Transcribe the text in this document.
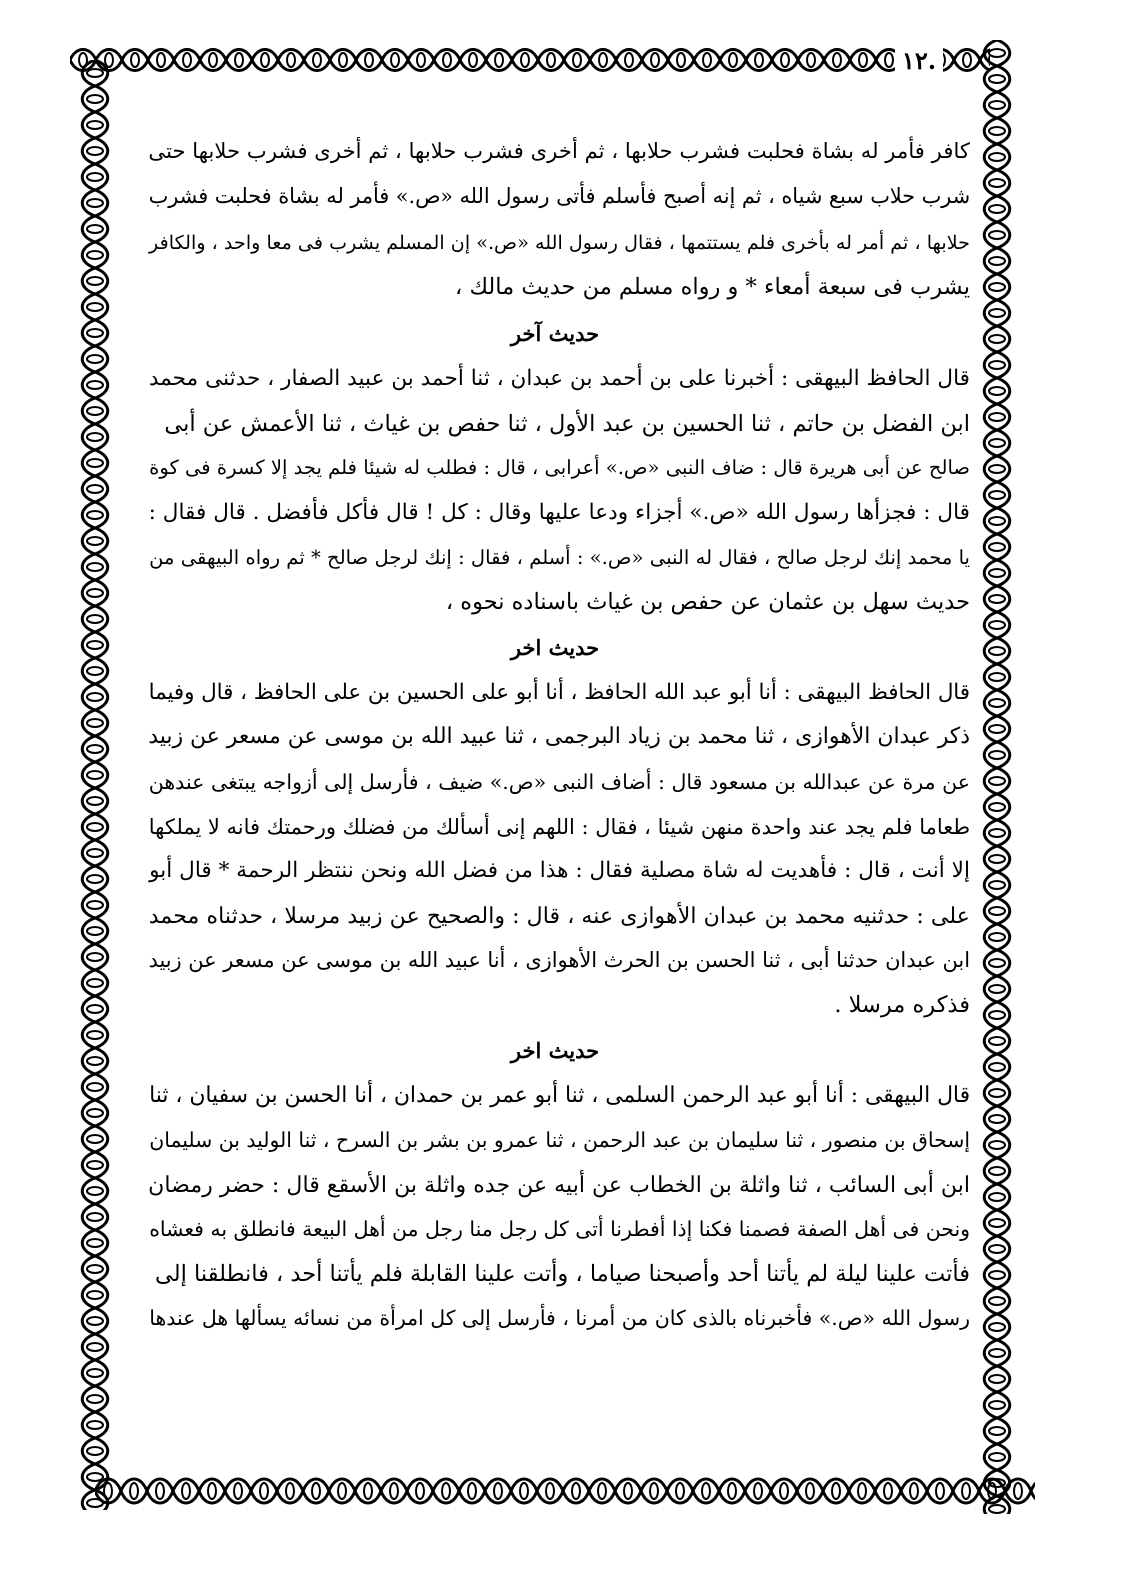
١٢.

كافر فأمر له بشاة فحلبت فشرب حلابها ، ثم أخرى فشرب حلابها ، ثم أخرى فشرب حلابها حتى
شرب حلاب سبع شياه ، ثم إنه أصبح فأسلم فأتى رسول الله «ص.» فأمر له بشاة فحلبت فشرب
حلابها ، ثم أمر له بأخرى فلم يستتمها ، فقال رسول الله «ص.» إن المسلم يشرب فى معا واحد ، والكافر
يشرب فى سبعة أمعاء * و رواه مسلم من حديث مالك ،

حديث آخر

قال الحافظ البيهقى : أخبرنا على بن أحمد بن عبدان ، ثنا أحمد بن عبيد الصفار ، حدثنى محمد
ابن الفضل بن حاتم ، ثنا الحسين بن عبد الأول ، ثنا حفص بن غياث ، ثنا الأعمش عن أبى
صالح عن أبى هريرة قال : ضاف النبى «ص.» أعرابى ، قال : فطلب له شيئا فلم يجد إلا كسرة فى كوة
قال : فجزأها رسول الله «ص.» أجزاء ودعا عليها وقال : كل ! قال فأكل فأفضل . قال فقال :
يا محمد إنك لرجل صالح ، فقال له النبى «ص.» : أسلم ، فقال : إنك لرجل صالح * ثم رواه البيهقى من
حديث سهل بن عثمان عن حفص بن غياث باسناده نحوه ،

حديث اخر

قال الحافظ البيهقى : أنا أبو عبد الله الحافظ ، أنا أبو على الحسين بن على الحافظ ، قال وفيما
ذكر عبدان الأهوازى ، ثنا محمد بن زياد البرجمى ، ثنا عبيد الله بن موسى عن مسعر عن زبيد
عن مرة عن عبدالله بن مسعود قال : أضاف النبى «ص.» ضيف ، فأرسل إلى أزواجه يبتغى عندهن
طعاما فلم يجد عند واحدة منهن شيئا ، فقال : اللهم إنى أسألك من فضلك ورحمتك فانه لا يملكها
إلا أنت ، قال : فأهديت له شاة مصلية فقال : هذا من فضل الله ونحن ننتظر الرحمة * قال أبو
على : حدثنيه محمد بن عبدان الأهوازى عنه ، قال : والصحيح عن زبيد مرسلا ، حدثناه محمد
ابن عبدان حدثنا أبى ، ثنا الحسن بن الحرث الأهوازى ، أنا عبيد الله بن موسى عن مسعر عن زبيد
فذكره مرسلا .

حديث اخر

قال البيهقى : أنا أبو عبد الرحمن السلمى ، ثنا أبو عمر بن حمدان ، أنا الحسن بن سفيان ، ثنا
إسحاق بن منصور ، ثنا سليمان بن عبد الرحمن ، ثنا عمرو بن بشر بن السرح ، ثنا الوليد بن سليمان
ابن أبى السائب ، ثنا واثلة بن الخطاب عن أبيه عن جده واثلة بن الأسقع قال : حضر رمضان
ونحن فى أهل الصفة فصمنا فكنا إذا أفطرنا أتى كل رجل منا رجل من أهل البيعة فانطلق به فعشاه
فأتت علينا ليلة لم يأتنا أحد وأصبحنا صياما ، وأتت علينا القابلة فلم يأتنا أحد ، فانطلقنا إلى
رسول الله «ص.» فأخبرناه بالذى كان من أمرنا ، فأرسل إلى كل امرأة من نسائه يسألها هل عندها
